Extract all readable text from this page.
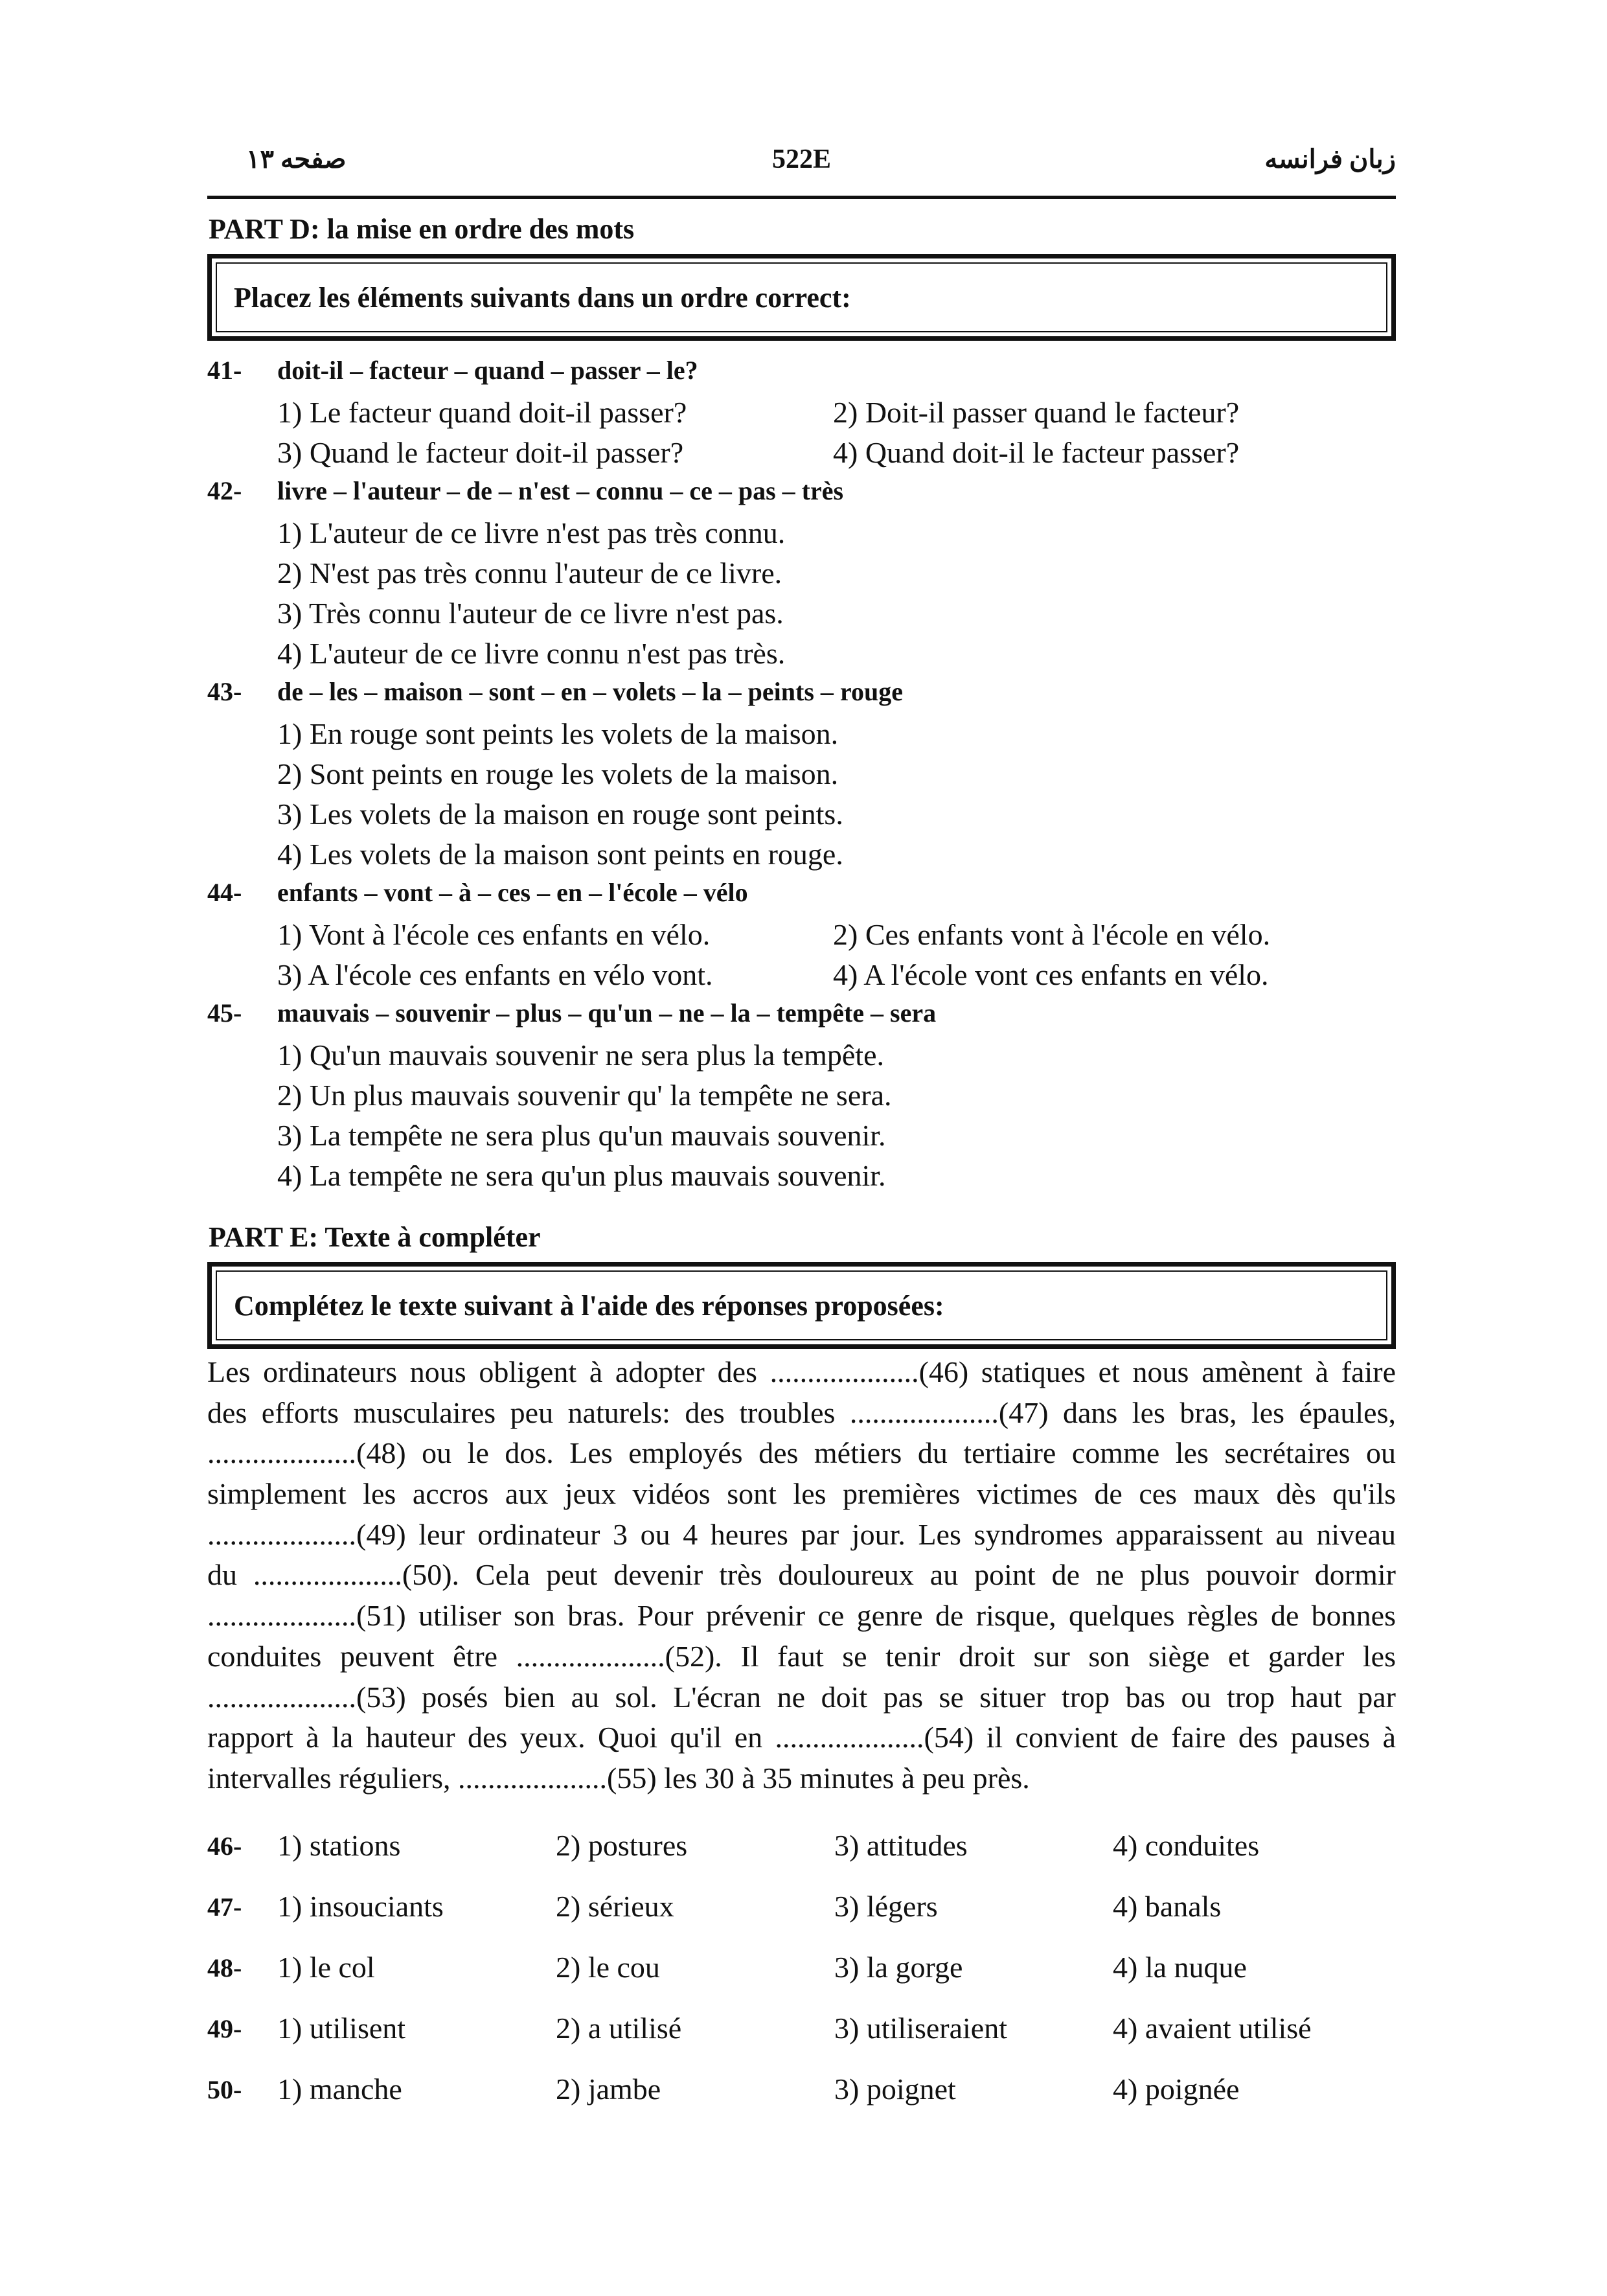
صفحه ۱۳	522E	زبان فرانسه
PART D: la mise en ordre des mots
Placez les éléments suivants dans un ordre correct:
41- doit-il – facteur – quand – passer – le?
1) Le facteur quand doit-il passer?	2) Doit-il passer quand le facteur?
3) Quand le facteur doit-il passer?	4) Quand doit-il le facteur passer?
42- livre – l'auteur – de – n'est – connu – ce – pas – très
1) L'auteur de ce livre n'est pas très connu.
2) N'est pas très connu l'auteur de ce livre.
3) Très connu l'auteur de ce livre n'est pas.
4) L'auteur de ce livre connu n'est pas très.
43- de – les – maison – sont – en – volets – la – peints – rouge
1) En rouge sont peints les volets de la maison.
2) Sont peints en rouge les volets de la maison.
3) Les volets de la maison en rouge sont peints.
4) Les volets de la maison sont peints en rouge.
44- enfants – vont – à – ces – en – l'école – vélo
1) Vont à l'école ces enfants en vélo.	2) Ces enfants vont à l'école en vélo.
3) A l'école ces enfants en vélo vont.	4) A l'école vont ces enfants en vélo.
45- mauvais – souvenir – plus – qu'un – ne – la – tempête – sera
1) Qu'un mauvais souvenir ne sera plus la tempête.
2) Un plus mauvais souvenir qu' la tempête ne sera.
3) La tempête ne sera plus qu'un mauvais souvenir.
4) La tempête ne sera qu'un plus mauvais souvenir.
PART E: Texte à compléter
Complétez le texte suivant à l'aide des réponses proposées:
Les ordinateurs nous obligent à adopter des ....................(46) statiques et nous amènent à faire
des efforts musculaires peu naturels: des troubles ....................(47) dans les bras, les épaules,
....................(48) ou le dos. Les employés des métiers du tertiaire comme les secrétaires ou
simplement les accros aux jeux vidéos sont les premières victimes de ces maux dès qu'ils
....................(49) leur ordinateur 3 ou 4 heures par jour. Les syndromes apparaissent au niveau
du ....................(50). Cela peut devenir très douloureux au point de ne plus pouvoir dormir
....................(51) utiliser son bras. Pour prévenir ce genre de risque, quelques règles de bonnes
conduites peuvent être ....................(52). Il faut se tenir droit sur son siège et garder les
....................(53) posés bien au sol. L'écran ne doit pas se situer trop bas ou trop haut par
rapport à la hauteur des yeux. Quoi qu'il en ....................(54) il convient de faire des pauses à
intervalles réguliers, ....................(55) les 30 à 35 minutes à peu près.
46- 1) stations	2) postures	3) attitudes	4) conduites
47- 1) insouciants	2) sérieux	3) légers	4) banals
48- 1) le col	2) le cou	3) la gorge	4) la nuque
49- 1) utilisent	2) a utilisé	3) utiliseraient	4) avaient utilisé
50- 1) manche	2) jambe	3) poignet	4) poignée
